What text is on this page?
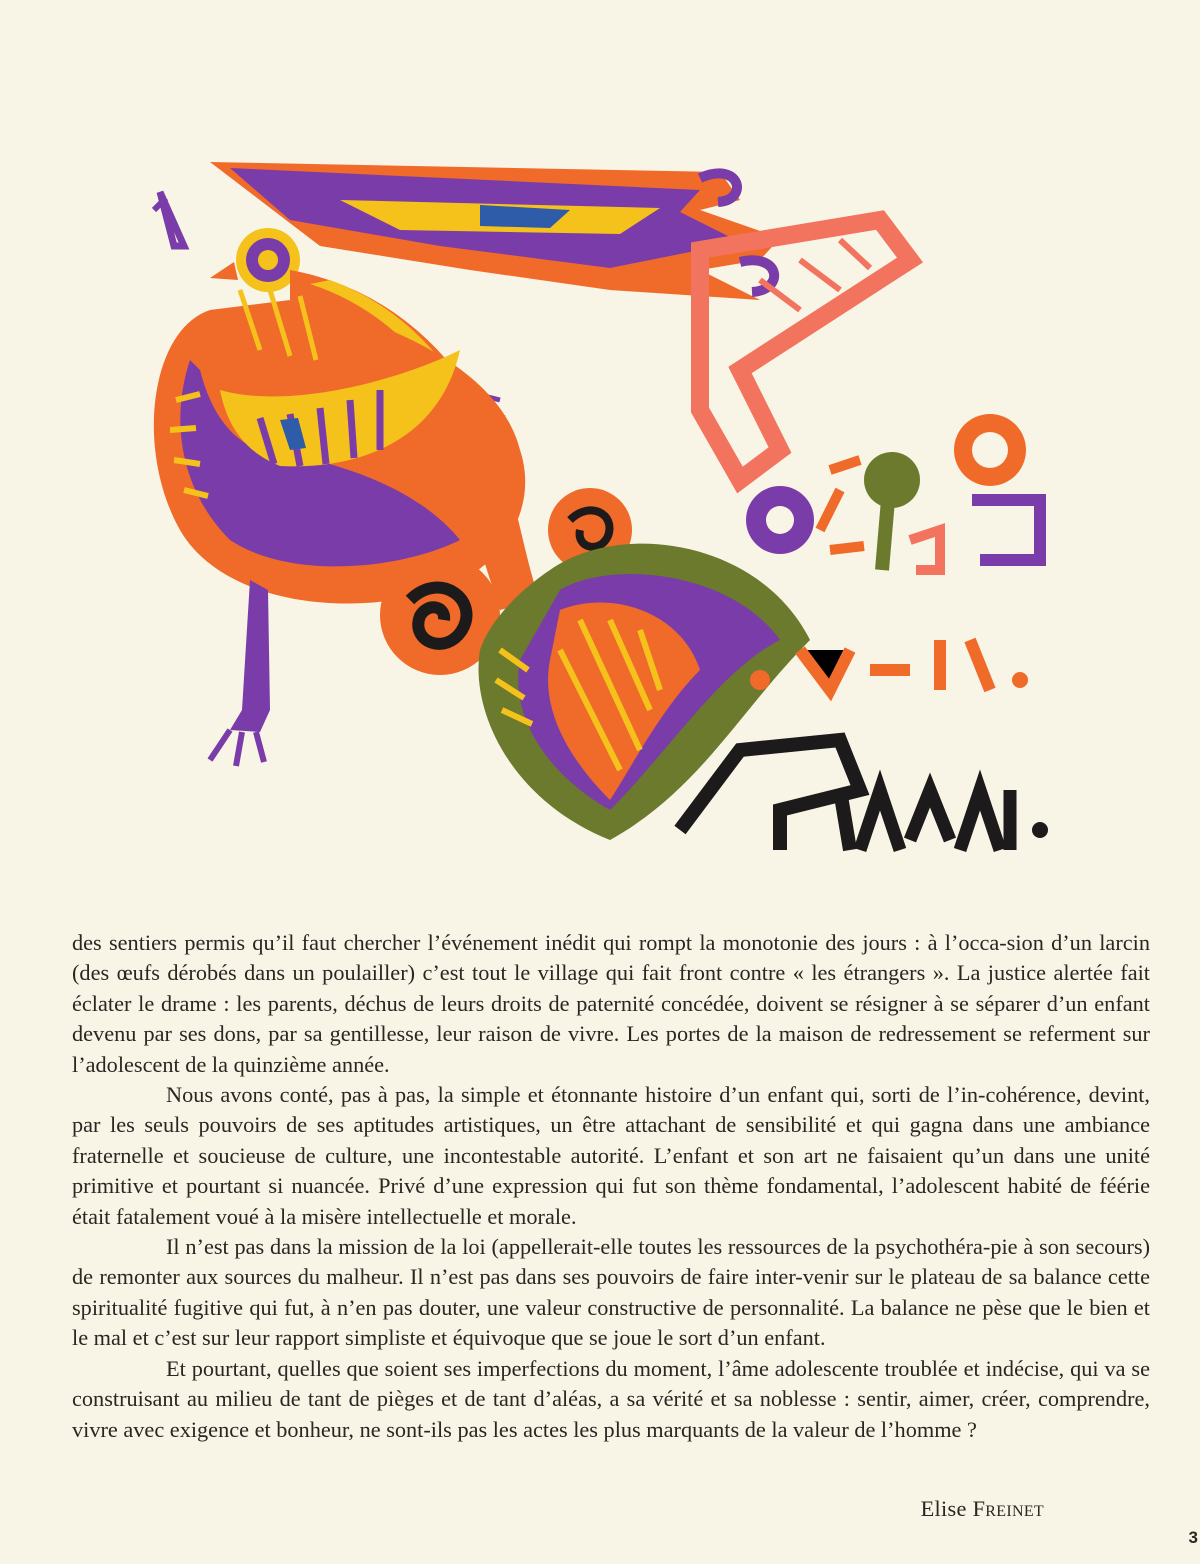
des sentiers permis qu’il faut chercher l’événement inédit qui rompt la monotonie des jours : à l’occa-sion d’un larcin (des œufs dérobés dans un poulailler) c’est tout le village qui fait front contre « les étrangers ». La justice alertée fait éclater le drame : les parents, déchus de leurs droits de paternité concédée, doivent se résigner à se séparer d’un enfant devenu par ses dons, par sa gentillesse, leur raison de vivre. Les portes de la maison de redressement se referment sur l’adolescent de la quinzième année.

Nous avons conté, pas à pas, la simple et étonnante histoire d’un enfant qui, sorti de l’in-cohérence, devint, par les seuls pouvoirs de ses aptitudes artistiques, un être attachant de sensibilité et qui gagna dans une ambiance fraternelle et soucieuse de culture, une incontestable autorité. L’enfant et son art ne faisaient qu’un dans une unité primitive et pourtant si nuancée. Privé d’une expression qui fut son thème fondamental, l’adolescent habité de féérie était fatalement voué à la misère intellectuelle et morale.

Il n’est pas dans la mission de la loi (appellerait-elle toutes les ressources de la psychothéra-pie à son secours) de remonter aux sources du malheur. Il n’est pas dans ses pouvoirs de faire inter-venir sur le plateau de sa balance cette spiritualité fugitive qui fut, à n’en pas douter, une valeur constructive de personnalité. La balance ne pèse que le bien et le mal et c’est sur leur rapport simpliste et équivoque que se joue le sort d’un enfant.

Et pourtant, quelles que soient ses imperfections du moment, l’âme adolescente troublée et indécise, qui va se construisant au milieu de tant de pièges et de tant d’aléas, a sa vérité et sa noblesse : sentir, aimer, créer, comprendre, vivre avec exigence et bonheur, ne sont-ils pas les actes les plus marquants de la valeur de l’homme ?

Elise Freinet
3
